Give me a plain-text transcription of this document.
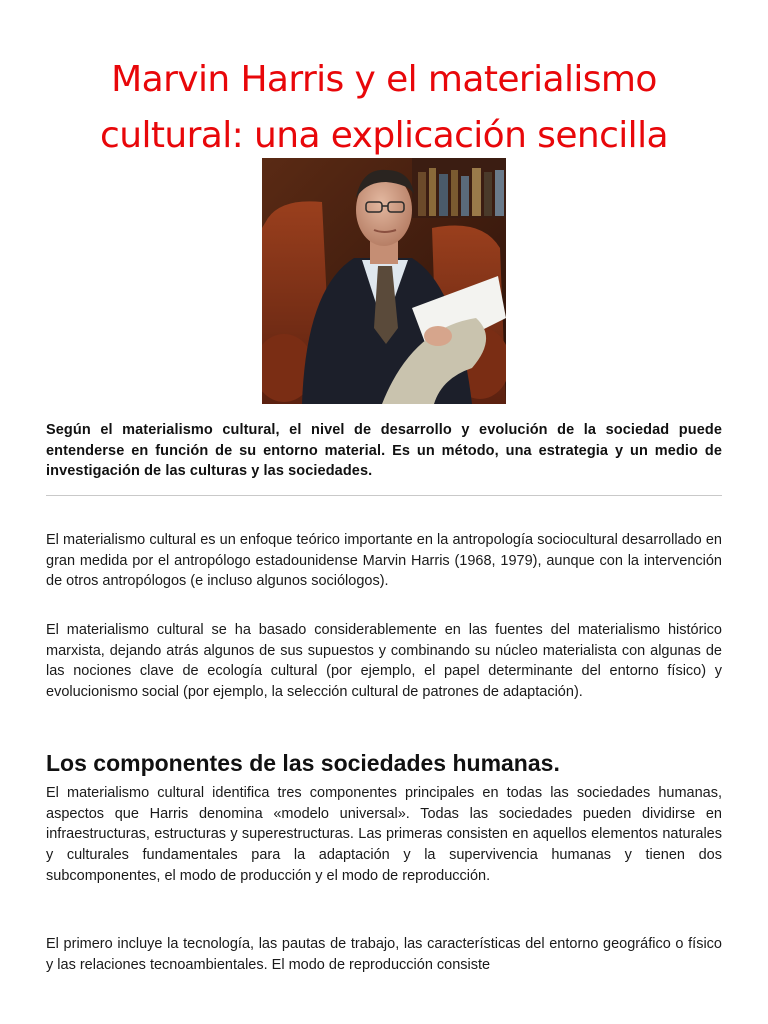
Marvin Harris y el materialismo cultural: una explicación sencilla

Según el materialismo cultural, el nivel de desarrollo y evolución de la sociedad puede entenderse en función de su entorno material. Es un método, una estrategia y un medio de investigación de las culturas y las sociedades.

El materialismo cultural es un enfoque teórico importante en la antropología sociocultural desarrollado en gran medida por el antropólogo estadounidense Marvin Harris (1968, 1979), aunque con la intervención de otros antropólogos (e incluso algunos sociólogos).

El materialismo cultural se ha basado considerablemente en las fuentes del materialismo histórico marxista, dejando atrás algunos de sus supuestos y combinando su núcleo materialista con algunas de las nociones clave de ecología cultural (por ejemplo, el papel determinante del entorno físico) y evolucionismo social (por ejemplo, la selección cultural de patrones de adaptación).

Los componentes de las sociedades humanas.

El materialismo cultural identifica tres componentes principales en todas las sociedades humanas, aspectos que Harris denomina «modelo universal». Todas las sociedades pueden dividirse en infraestructuras, estructuras y superestructuras. Las primeras consisten en aquellos elementos naturales y culturales fundamentales para la adaptación y la supervivencia humanas y tienen dos subcomponentes, el modo de producción y el modo de reproducción.

El primero incluye la tecnología, las pautas de trabajo, las características del entorno geográfico o físico y las relaciones tecnoambientales. El modo de reproducción consiste
